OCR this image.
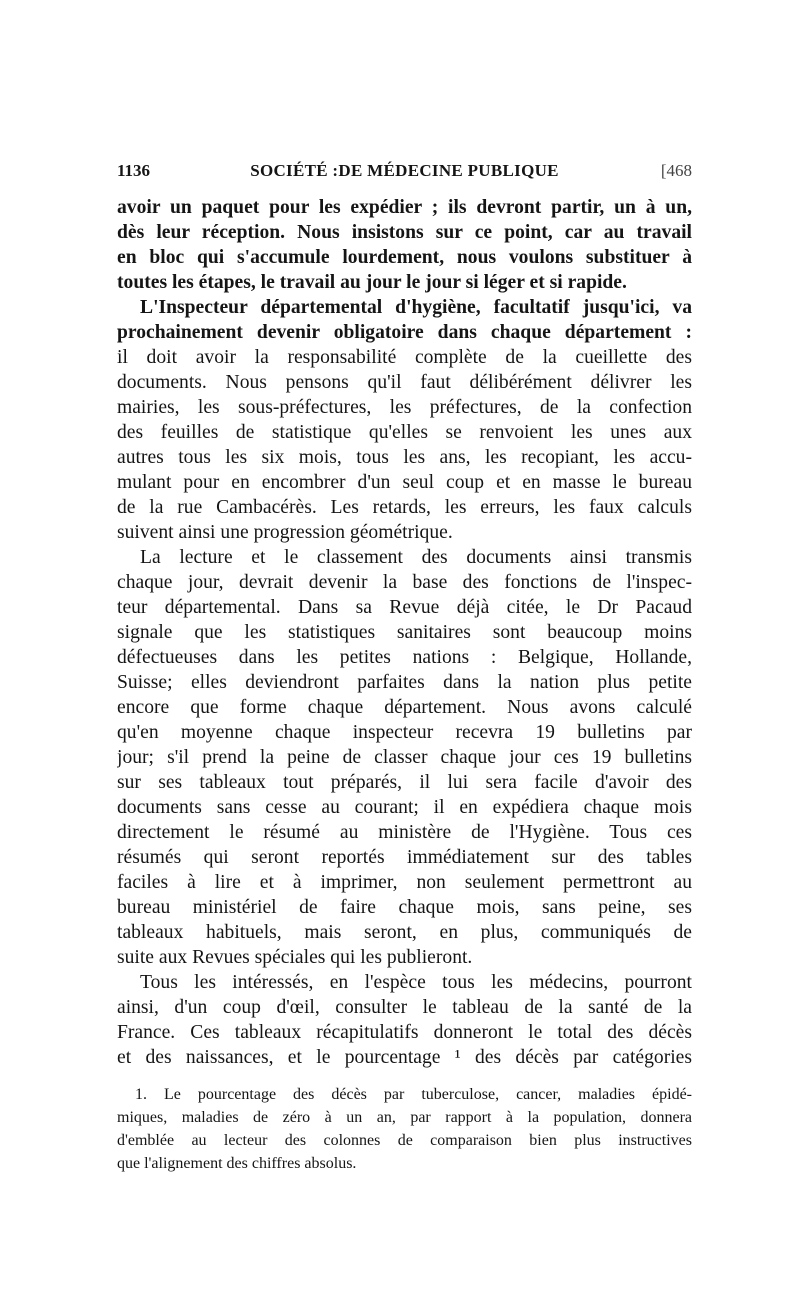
1136	SOCIÉTÉ :DE MÉDECINE PUBLIQUE	[468
avoir un paquet pour les expédier ; ils devront partir, un à un,
dès leur réception. Nous insistons sur ce point, car au travail
en bloc qui s'accumule lourdement, nous voulons substituer à
toutes les étapes, le travail au jour le jour si léger et si rapide.
L'Inspecteur départemental d'hygiène, facultatif jusqu'ici, va
prochainement devenir obligatoire dans chaque département :
il doit avoir la responsabilité complète de la cueillette des
documents. Nous pensons qu'il faut délibérément délivrer les
mairies, les sous-préfectures, les préfectures, de la confection
des feuilles de statistique qu'elles se renvoient les unes aux
autres tous les six mois, tous les ans, les recopiant, les accu-
mulant pour en encombrer d'un seul coup et en masse le bureau
de la rue Cambacérès. Les retards, les erreurs, les faux calculs
suivent ainsi une progression géométrique.
La lecture et le classement des documents ainsi transmis
chaque jour, devrait devenir la base des fonctions de l'inspec-
teur départemental. Dans sa Revue déjà citée, le Dr Pacaud
signale que les statistiques sanitaires sont beaucoup moins
défectueuses dans les petites nations : Belgique, Hollande,
Suisse; elles deviendront parfaites dans la nation plus petite
encore que forme chaque département. Nous avons calculé
qu'en moyenne chaque inspecteur recevra 19 bulletins par
jour; s'il prend la peine de classer chaque jour ces 19 bulletins
sur ses tableaux tout préparés, il lui sera facile d'avoir des
documents sans cesse au courant; il en expédiera chaque mois
directement le résumé au ministère de l'Hygiène. Tous ces
résumés qui seront reportés immédiatement sur des tables
faciles à lire et à imprimer, non seulement permettront au
bureau ministériel de faire chaque mois, sans peine, ses
tableaux habituels, mais seront, en plus, communiqués de
suite aux Revues spéciales qui les publieront.
Tous les intéressés, en l'espèce tous les médecins, pourront
ainsi, d'un coup d'œil, consulter le tableau de la santé de la
France. Ces tableaux récapitulatifs donneront le total des décès
et des naissances, et le pourcentage ¹ des décès par catégories
1. Le pourcentage des décès par tuberculose, cancer, maladies épidé-
miques, maladies de zéro à un an, par rapport à la population, donnera
d'emblée au lecteur des colonnes de comparaison bien plus instructives
que l'alignement des chiffres absolus.
